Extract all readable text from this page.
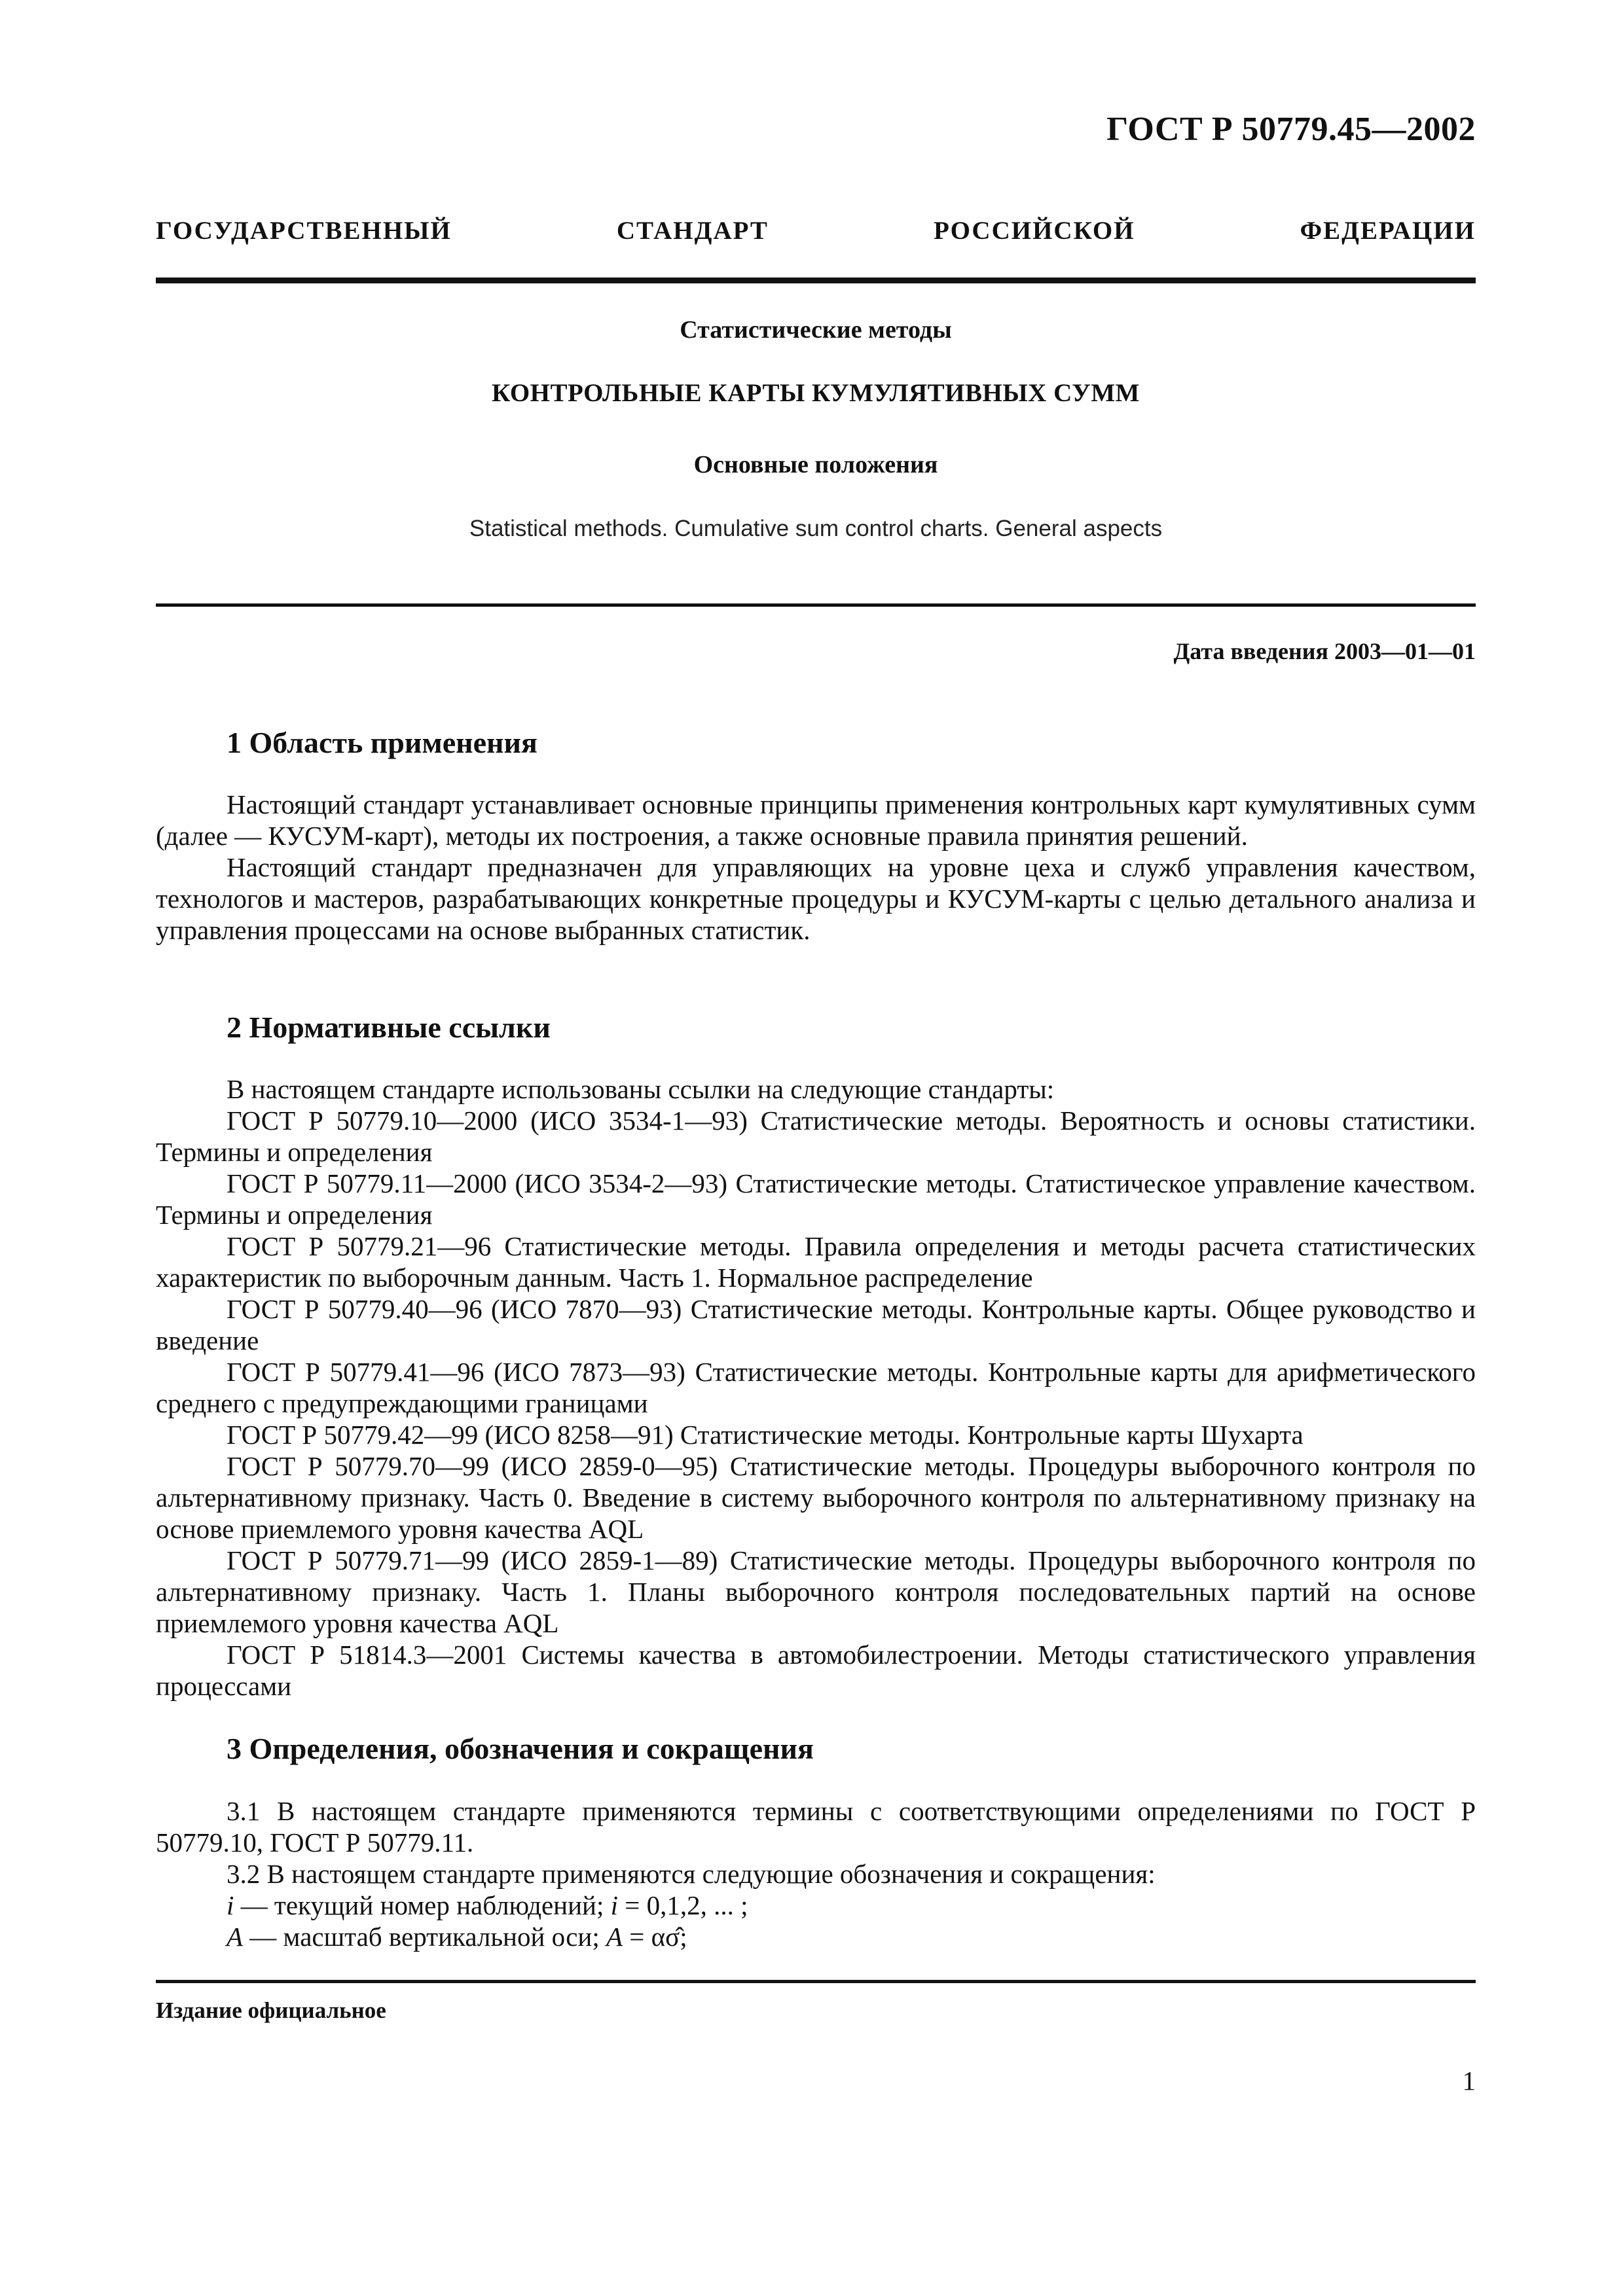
ГОСТ Р 50779.45—2002
ГОСУДАРСТВЕННЫЙ СТАНДАРТ РОССИЙСКОЙ ФЕДЕРАЦИИ
Статистические методы
КОНТРОЛЬНЫЕ КАРТЫ КУМУЛЯТИВНЫХ СУММ
Основные положения
Statistical methods. Cumulative sum control charts. General aspects
Дата введения 2003—01—01
1 Область применения

Настоящий стандарт устанавливает основные принципы применения контрольных карт кумулятивных сумм (далее — КУСУМ-карт), методы их построения, а также основные правила принятия решений.

Настоящий стандарт предназначен для управляющих на уровне цеха и служб управления качеством, технологов и мастеров, разрабатывающих конкретные процедуры и КУСУМ-карты с целью детального анализа и управления процессами на основе выбранных статистик.

2 Нормативные ссылки

В настоящем стандарте использованы ссылки на следующие стандарты:

ГОСТ Р 50779.10—2000 (ИСО 3534-1—93) Статистические методы. Вероятность и основы статистики. Термины и определения

ГОСТ Р 50779.11—2000 (ИСО 3534-2—93) Статистические методы. Статистическое управление качеством. Термины и определения

ГОСТ Р 50779.21—96 Статистические методы. Правила определения и методы расчета статистических характеристик по выборочным данным. Часть 1. Нормальное распределение

ГОСТ Р 50779.40—96 (ИСО 7870—93) Статистические методы. Контрольные карты. Общее руководство и введение

ГОСТ Р 50779.41—96 (ИСО 7873—93) Статистические методы. Контрольные карты для арифметического среднего с предупреждающими границами

ГОСТ Р 50779.42—99 (ИСО 8258—91) Статистические методы. Контрольные карты Шухарта

ГОСТ Р 50779.70—99 (ИСО 2859-0—95) Статистические методы. Процедуры выборочного контроля по альтернативному признаку. Часть 0. Введение в систему выборочного контроля по альтернативному признаку на основе приемлемого уровня качества AQL

ГОСТ Р 50779.71—99 (ИСО 2859-1—89) Статистические методы. Процедуры выборочного контроля по альтернативному признаку. Часть 1. Планы выборочного контроля последовательных партий на основе приемлемого уровня качества AQL

ГОСТ Р 51814.3—2001 Системы качества в автомобилестроении. Методы статистического управления процессами

3 Определения, обозначения и сокращения

3.1 В настоящем стандарте применяются термины с соответствующими определениями по ГОСТ Р 50779.10, ГОСТ Р 50779.11.

3.2 В настоящем стандарте применяются следующие обозначения и сокращения:

i — текущий номер наблюдений; i = 0,1,2, ... ;

A — масштаб вертикальной оси; A = ασ̂;

Издание официальное
1
